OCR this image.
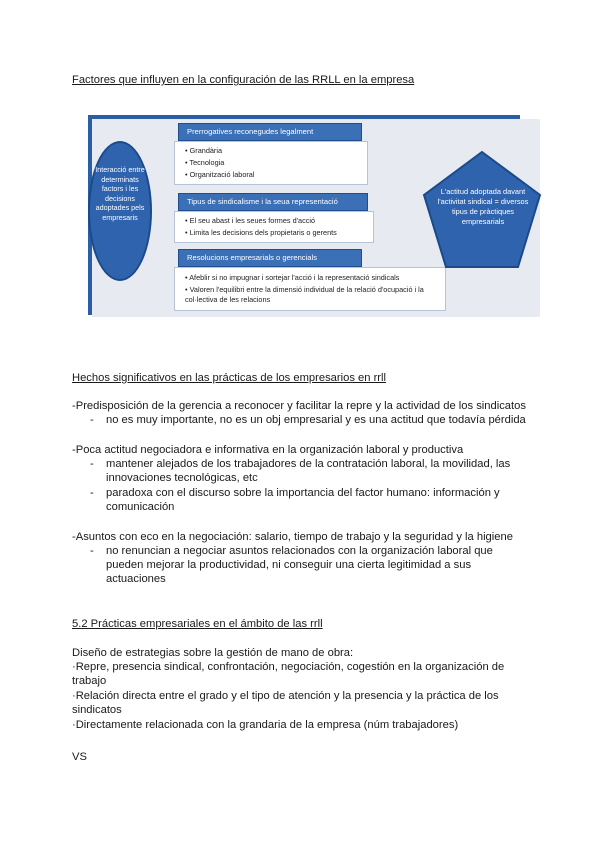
Factores que influyen en la configuración de las RRLL en la empresa
Prerrogatives reconegudes legalment
• Grandària
• Tecnologia
• Organització laboral
Tipus de sindicalisme i la seua representació
• El seu abast i les seues formes d'acció
• Limita les decisions dels propietaris o gerents
Resolucions empresarials o gerencials
• Afeblir si no impugnar i sortejar l'acció i la representació sindicals
• Valoren l'equilibri entre la dimensió individual de la relació d'ocupació i la col·lectiva de les relacions
Interacció entre determinats factors i les decisions adoptades pels empresaris
L'actitud adoptada davant l'activitat sindical = diversos tipus de pràctiques empresarials
Hechos significativos en las prácticas de los empresarios en rrll
-Predisposición de la gerencia a reconocer y facilitar la repre y la actividad de los sindicatos
- no es muy importante, no es un obj empresarial y es una actitud que todavía pérdida
-Poca actitud negociadora e informativa en la organización laboral y productiva
- mantener alejados de los trabajadores de la contratación laboral, la movilidad, las innovaciones tecnológicas, etc
- paradoxa con el discurso sobre la importancia del factor humano: información y comunicación
-Asuntos con eco en la negociación: salario, tiempo de trabajo y la seguridad y la higiene
- no renuncian a negociar asuntos relacionados con la organización laboral que pueden mejorar la productividad, ni conseguir una cierta legitimidad a sus actuaciones
5.2 Prácticas empresariales en el ámbito de las rrll
Diseño de estrategias sobre la gestión de mano de obra:
·Repre, presencia sindical, confrontación, negociación, cogestión en la organización de trabajo
·Relación directa entre el grado y el tipo de atención y la presencia y la práctica de los sindicatos
·Directamente relacionada con la grandaria de la empresa (núm trabajadores)
VS
